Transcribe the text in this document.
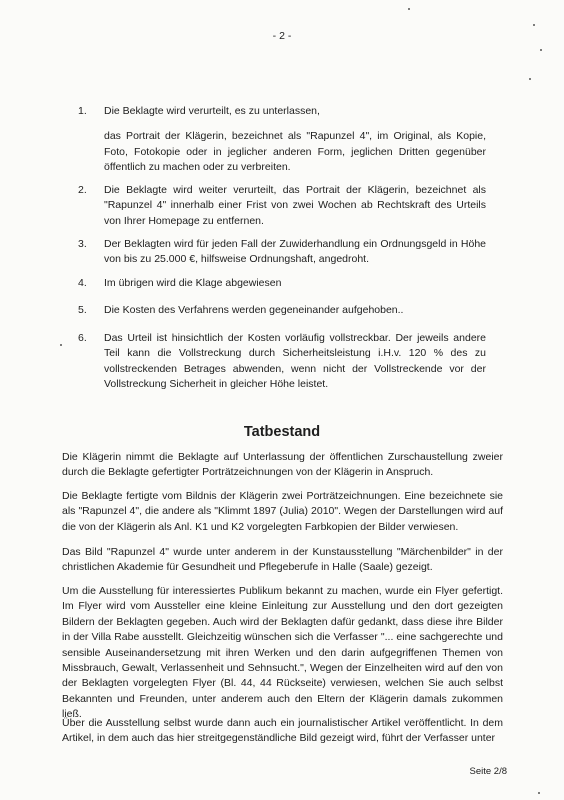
- 2 -
1.	Die Beklagte wird verurteilt, es zu unterlassen,
das Portrait der Klägerin, bezeichnet als "Rapunzel 4", im Original, als Kopie, Foto, Fotokopie oder in jeglicher anderen Form, jeglichen Dritten gegenüber öffentlich zu machen oder zu verbreiten.
2.	Die Beklagte wird weiter verurteilt, das Portrait der Klägerin, bezeichnet als "Rapunzel 4" innerhalb einer Frist von zwei Wochen ab Rechtskraft des Urteils von Ihrer Homepage zu entfernen.
3.	Der Beklagten wird für jeden Fall der Zuwiderhandlung ein Ordnungsgeld in Höhe von bis zu 25.000 €, hilfsweise Ordnungshaft, angedroht.
4.	Im übrigen wird die Klage abgewiesen
5.	Die Kosten des Verfahrens werden gegeneinander aufgehoben..
6.	Das Urteil ist hinsichtlich der Kosten vorläufig vollstreckbar. Der jeweils andere Teil kann die Vollstreckung durch Sicherheitsleistung i.H.v. 120 % des zu vollstreckenden Betrages abwenden, wenn nicht der Vollstreckende vor der Vollstreckung Sicherheit in gleicher Höhe leistet.
Tatbestand
Die Klägerin nimmt die Beklagte auf Unterlassung der öffentlichen Zurschaustellung zweier durch die Beklagte gefertigter Porträtzeichnungen von der Klägerin in Anspruch.
Die Beklagte fertigte vom Bildnis der Klägerin zwei Porträtzeichnungen. Eine bezeichnete sie als "Rapunzel 4", die andere als "Klimmt 1897 (Julia) 2010". Wegen der Darstellungen wird auf die von der Klägerin als Anl. K1 und K2 vorgelegten Farbkopien der Bilder verwiesen.
Das Bild "Rapunzel 4" wurde unter anderem in der Kunstausstellung "Märchenbilder" in der christlichen Akademie für Gesundheit und Pflegeberufe in Halle (Saale) gezeigt.
Um die Ausstellung für interessiertes Publikum bekannt zu machen, wurde ein Flyer gefertigt. Im Flyer wird vom Aussteller eine kleine Einleitung zur Ausstellung und den dort gezeigten Bildern der Beklagten gegeben. Auch wird der Beklagten dafür gedankt, dass diese ihre Bilder in der Villa Rabe ausstellt. Gleichzeitig wünschen sich die Verfasser "... eine sachgerechte und sensible Auseinandersetzung mit ihren Werken und den darin aufgegriffenen Themen von Missbrauch, Gewalt, Verlassenheit und Sehnsucht.", Wegen der Einzelheiten wird auf den von der Beklagten vorgelegten Flyer (Bl. 44, 44 Rückseite) verwiesen, welchen Sie auch selbst Bekannten und Freunden, unter anderem auch den Eltern der Klägerin damals zukommen ließ.
Über die Ausstellung selbst wurde dann auch ein journalistischer Artikel veröffentlicht. In dem Artikel, in dem auch das hier streitgegenständliche Bild gezeigt wird, führt der Verfasser unter
Seite 2/8
